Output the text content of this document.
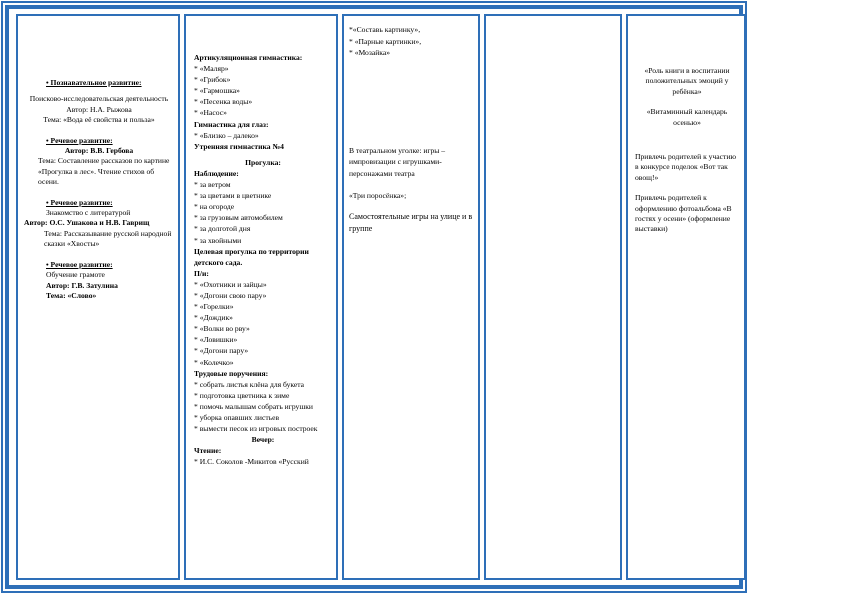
• Познавательное развитие:
Поисково-исследовательская деятельность
Автор: Н.А. Рыжова
Тема: «Вода её свойства и польза»
• Речевое развитие:
Автор: В.В. Гербова
Тема: Составление рассказов по картине «Прогулка в лес». Чтение стихов об осени.
• Речевое развитие:
Знакомство с литературой
Автор: О.С. Ушакова и Н.В. Гаврищ
Тема: Рассказывание русской народной сказки «Хвосты»
• Речевое развитие:
Обучение грамоте
Автор: Г.В. Затулина
Тема: «Слово»
Артикуляционная гимнастика:
* «Маляр»
* «Грибок»
* «Гармошка»
* «Песенка воды»
* «Насос»
Гимнастика для глаз:
* «Близко – далеко»
Утренняя гимнастика №4
Прогулка:
Наблюдение:
* за ветром
* за цветами в цветнике
* на огороде
* за грузовым автомобилем
* за долготой дня
* за хвойными
Целевая прогулка по территории детского сада.
П/и:
* «Охотники и зайцы»
* «Догони свою пару»
* «Горелки»
* «Дождик»
* «Волки во рву»
* «Ловишки»
* «Догони пару»
* «Колечко»
Трудовые поручения:
* собрать листья клёна для букета
* подготовка цветника к зиме
* помочь малышам собрать игрушки
* уборка опавших листьев
* вымести песок из игровых построек
Вечер:
Чтение:
* И.С. Соколов -Микитов «Русский
*«Составь картинку»,
* «Парные картинки»,
* «Мозайка»
В театральном уголке: игры – импровизации с игрушками- персонажами театра
«Три поросёнка»;
Самостоятельные игры на улице и в группе
«Роль книги в воспитании положительных эмоций у ребёнка»
«Витаминный календарь осенью»
Привлечь родителей к участию в конкурсе поделок «Вот так овощ!»
Привлечь родителей к оформлению фотоальбома «В гостях у осени» (оформление выставки)
